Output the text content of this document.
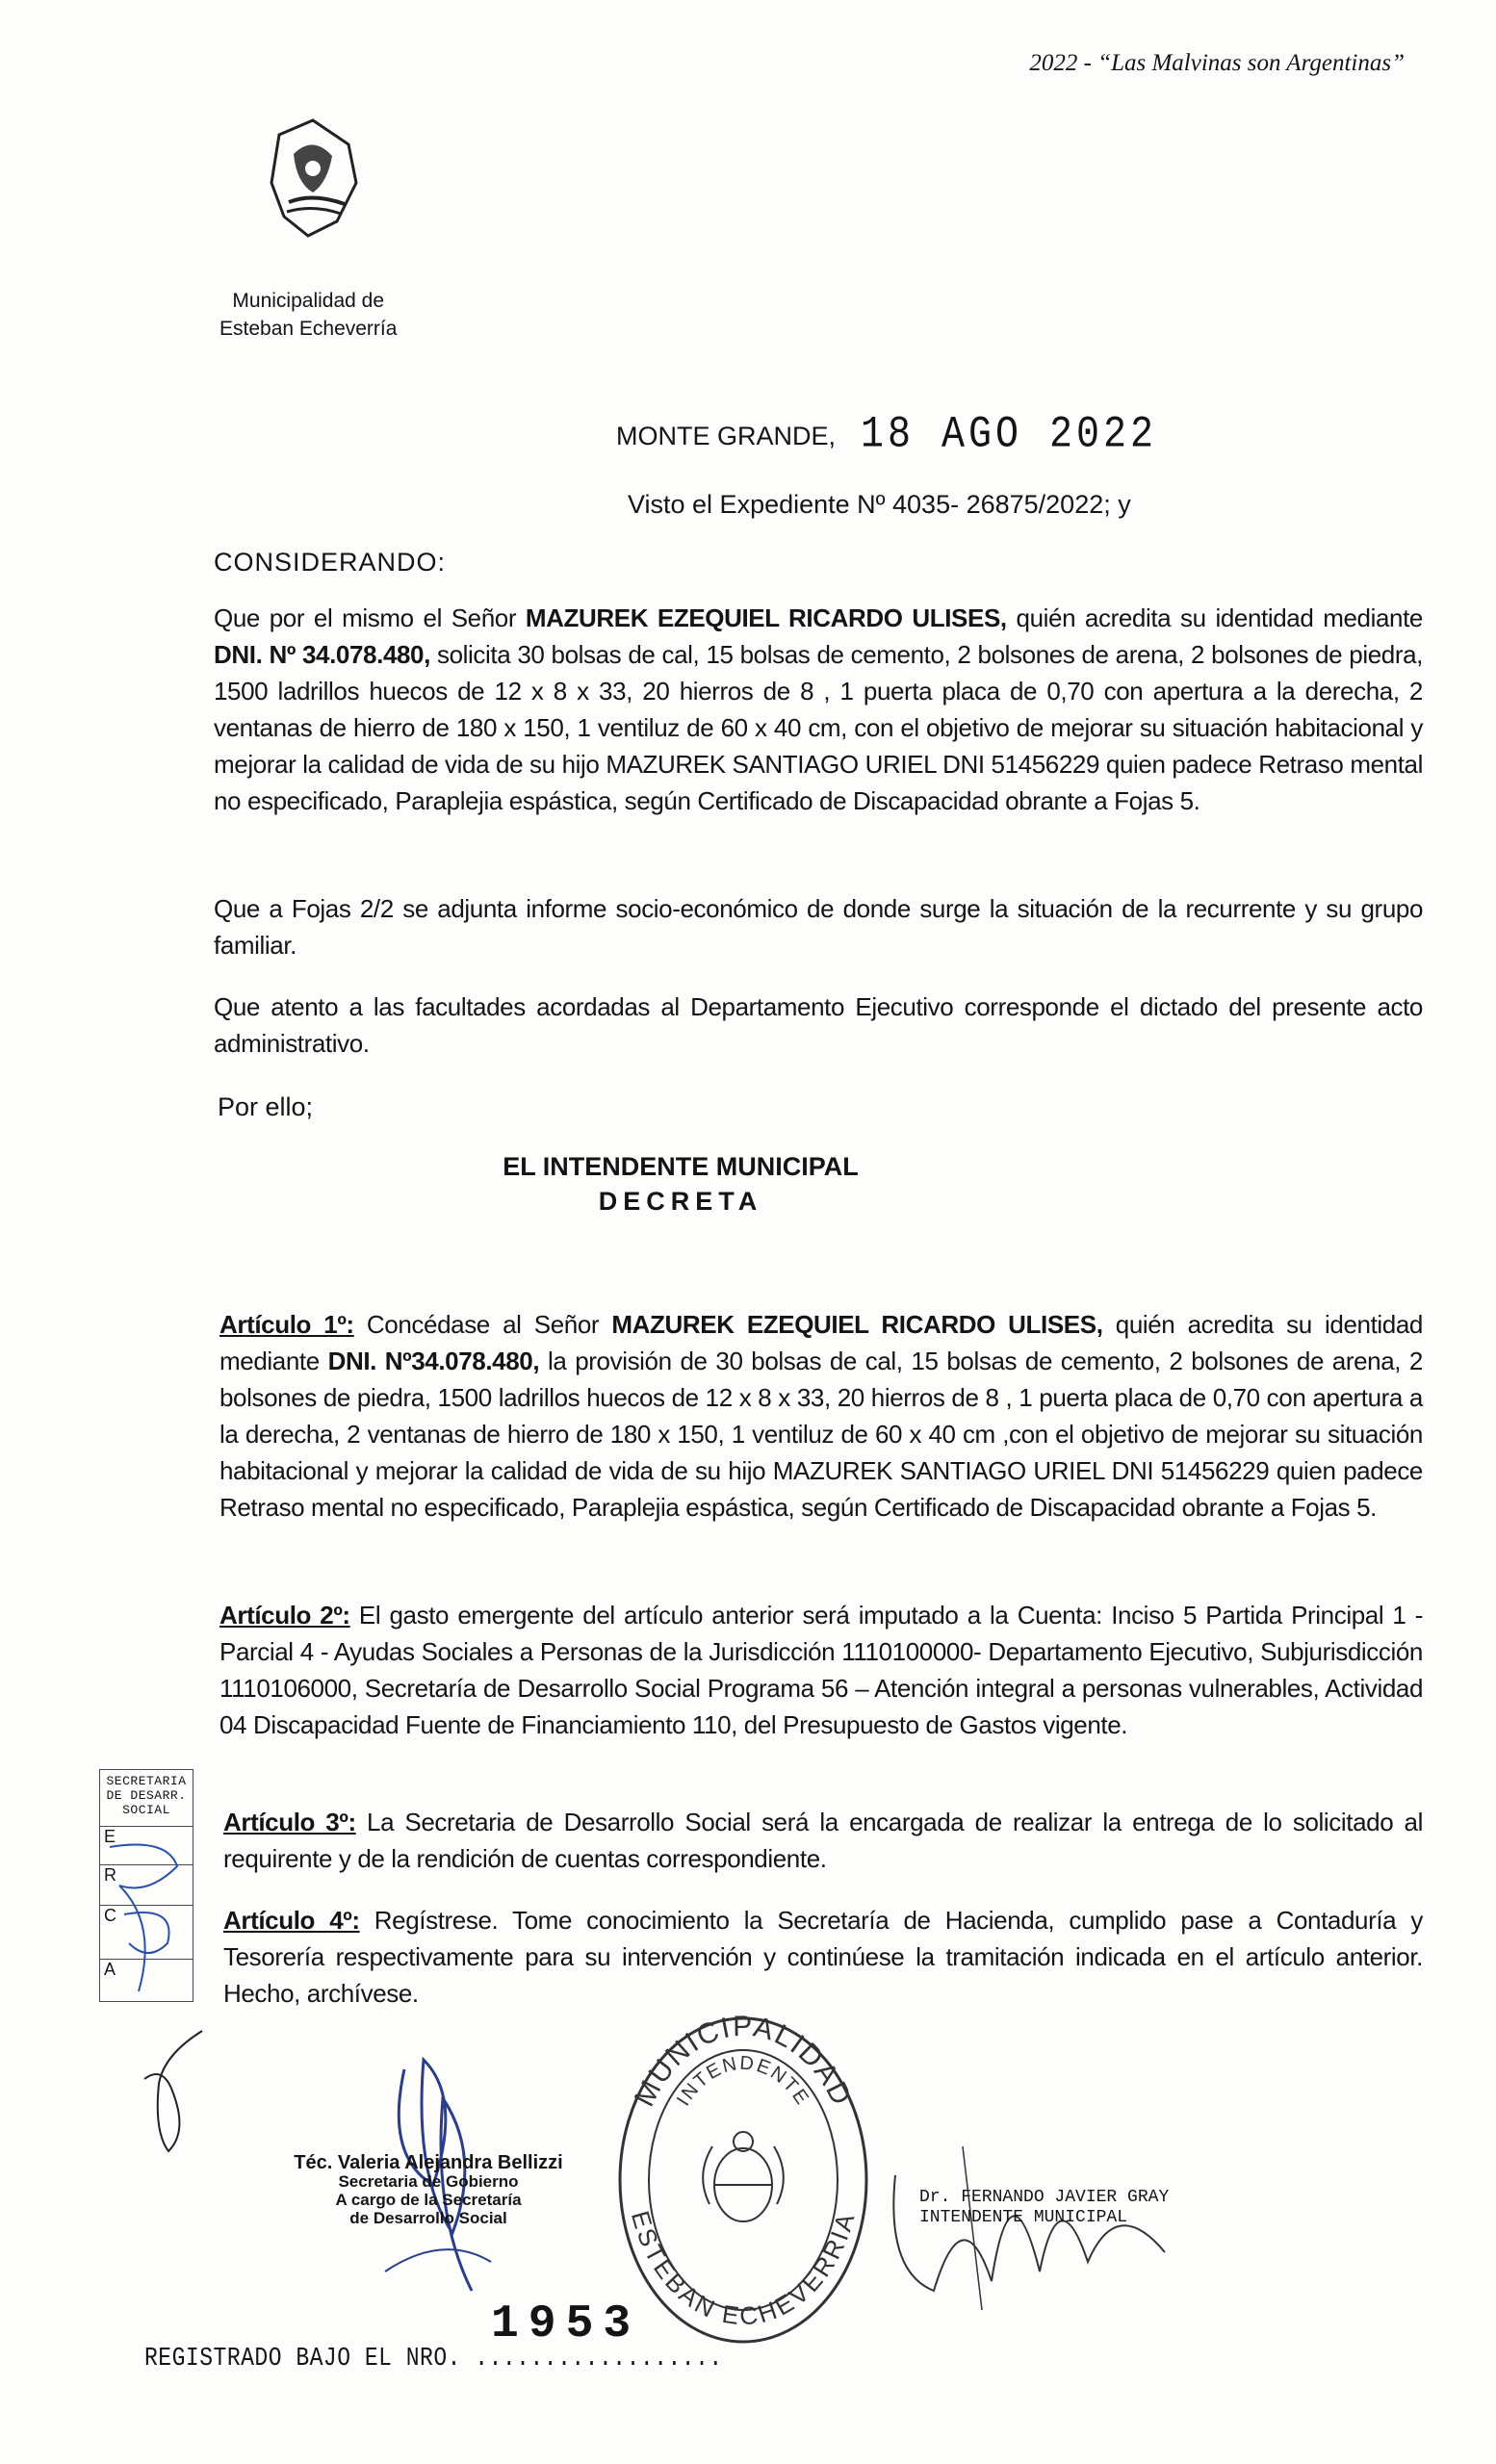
2022 - “Las Malvinas son Argentinas”
Municipalidad de
Esteban Echeverría
MONTE GRANDE, 18 AGO 2022
Visto el Expediente Nº 4035- 26875/2022; y
CONSIDERANDO:
Que por el mismo el Señor MAZUREK EZEQUIEL RICARDO ULISES, quién acredita su identidad mediante DNI. Nº 34.078.480, solicita 30 bolsas de cal, 15 bolsas de cemento, 2 bolsones de arena, 2 bolsones de piedra, 1500 ladrillos huecos de 12 x 8 x 33, 20 hierros de 8 , 1 puerta placa de 0,70 con apertura a la derecha, 2 ventanas de hierro de 180 x 150, 1 ventiluz de 60 x 40 cm, con el objetivo de mejorar su situación habitacional y mejorar la calidad de vida de su hijo MAZUREK SANTIAGO URIEL DNI 51456229 quien padece Retraso mental no especificado, Paraplejia espástica, según Certificado de Discapacidad obrante a Fojas 5.
Que a Fojas 2/2 se adjunta informe socio-económico de donde surge la situación de la recurrente y su grupo familiar.
Que atento a las facultades acordadas al Departamento Ejecutivo corresponde el dictado del presente acto administrativo.
Por ello;
EL INTENDENTE MUNICIPAL
DECRETA
Artículo 1º: Concédase al Señor MAZUREK EZEQUIEL RICARDO ULISES, quién acredita su identidad mediante DNI. Nº34.078.480, la provisión de 30 bolsas de cal, 15 bolsas de cemento, 2 bolsones de arena, 2 bolsones de piedra, 1500 ladrillos huecos de 12 x 8 x 33, 20 hierros de 8 , 1 puerta placa de 0,70 con apertura a la derecha, 2 ventanas de hierro de 180 x 150, 1 ventiluz de 60 x 40 cm ,con el objetivo de mejorar su situación habitacional y mejorar la calidad de vida de su hijo MAZUREK SANTIAGO URIEL DNI 51456229 quien padece Retraso mental no especificado, Paraplejia espástica, según Certificado de Discapacidad obrante a Fojas 5.
Artículo 2º: El gasto emergente del artículo anterior será imputado a la Cuenta: Inciso 5 Partida Principal 1 - Parcial 4 - Ayudas Sociales a Personas de la Jurisdicción 1110100000- Departamento Ejecutivo, Subjurisdicción 1110106000, Secretaría de Desarrollo Social Programa 56 – Atención integral a personas vulnerables, Actividad 04 Discapacidad Fuente de Financiamiento 110, del Presupuesto de Gastos vigente.
Artículo 3º: La Secretaria de Desarrollo Social será la encargada de realizar la entrega de lo solicitado al requirente y de la rendición de cuentas correspondiente.
Artículo 4º: Regístrese. Tome conocimiento la Secretaría de Hacienda, cumplido pase a Contaduría y Tesorería respectivamente para su intervención y continúese la tramitación indicada en el artículo anterior. Hecho, archívese.
SECRETARIA
DE DESARR.
SOCIAL
E
R
C
A
Téc. Valeria Alejandra Bellizzi
Secretaria de Gobierno
A cargo de la Secretaría
de Desarrollo Social
MUNICIPALIDAD
INTENDENTE
ESTEBAN ECHEVERRIA
Dr. FERNANDO JAVIER GRAY
INTENDENTE MUNICIPAL
1953
REGISTRADO BAJO EL NRO. ..................
